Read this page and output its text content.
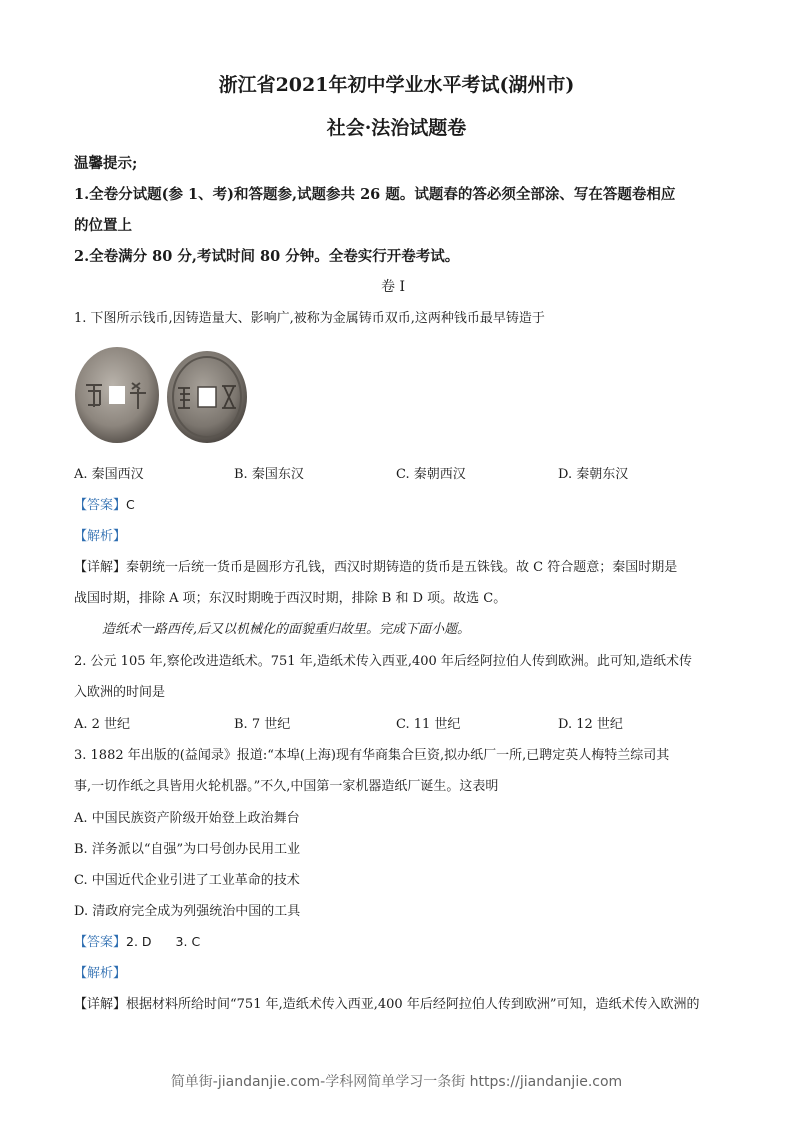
浙江省2021年初中学业水平考试(湖州市)
社会·法治试题卷
温馨提示;
1.全卷分试题(参 1、考)和答题参,试题参共 26 题。试题春的答必须全部涂、写在答题卷相应
的位置上
2.全卷满分 80 分,考试时间 80 分钟。全卷实行开卷考试。
卷 I
1. 下图所示钱币,因铸造量大、影响广,被称为金属铸币双币,这两种钱币最早铸造于
A. 秦国西汉	B. 秦国东汉	C. 秦朝西汉	D. 秦朝东汉
【答案】C
【解析】
【详解】秦朝统一后统一货币是圆形方孔钱，西汉时期铸造的货币是五铢钱。故 C 符合题意；秦国时期是
战国时期，排除 A 项；东汉时期晚于西汉时期，排除 B 和 D 项。故选 C。
造纸术一路西传,后又以机械化的面貌重归故里。完成下面小题。
2. 公元 105 年,察伦改进造纸术。751 年,造纸术传入西亚,400 年后经阿拉伯人传到欧洲。此可知,造纸术传
入欧洲的时间是
A. 2 世纪	B. 7 世纪	C. 11 世纪	D. 12 世纪
3. 1882 年出版的(益闻录》报道:“本埠(上海)现有华商集合巨资,拟办纸厂一所,已聘定英人梅特兰综司其
事,一切作纸之具皆用火轮机器。”不久,中国第一家机器造纸厂诞生。这表明
A. 中国民族资产阶级开始登上政治舞台
B. 洋务派以“自强”为口号创办民用工业
C. 中国近代企业引进了工业革命的技术
D. 清政府完全成为列强统治中国的工具
【答案】2. D 3. C
【解析】
【详解】根据材料所给时间“751 年,造纸术传入西亚,400 年后经阿拉伯人传到欧洲”可知，造纸术传入欧洲的
简单街-jiandanjie.com-学科网简单学习一条街 https://jiandanjie.com
